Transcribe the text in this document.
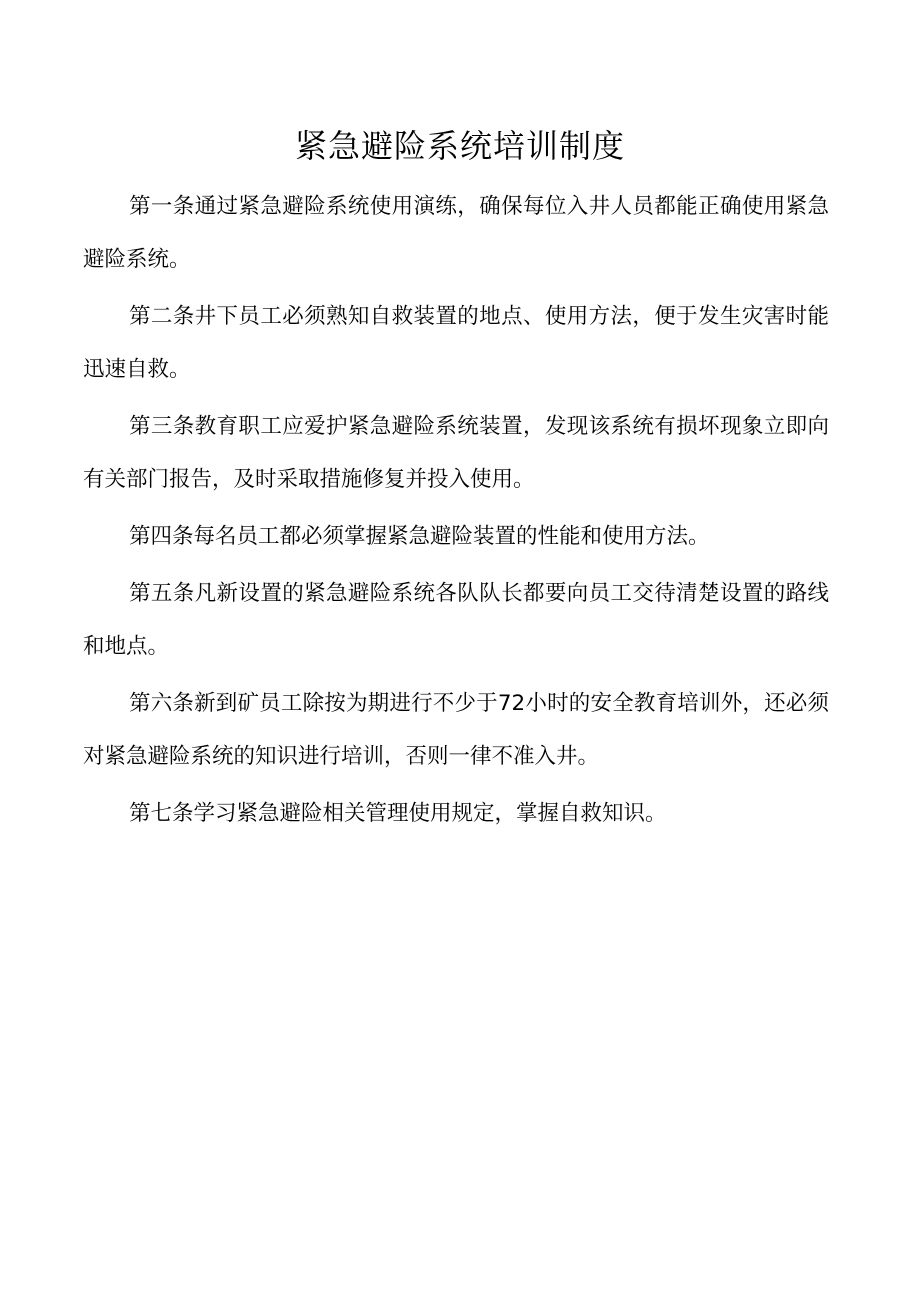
紧急避险系统培训制度

第一条通过紧急避险系统使用演练，确保每位入井人员都能正确使用紧急避险系统。

第二条井下员工必须熟知自救装置的地点、使用方法，便于发生灾害时能迅速自救。

第三条教育职工应爱护紧急避险系统装置，发现该系统有损坏现象立即向有关部门报告，及时采取措施修复并投入使用。

第四条每名员工都必须掌握紧急避险装置的性能和使用方法。

第五条凡新设置的紧急避险系统各队队长都要向员工交待清楚设置的路线和地点。

第六条新到矿员工除按为期进行不少于72小时的安全教育培训外，还必须对紧急避险系统的知识进行培训，否则一律不准入井。

第七条学习紧急避险相关管理使用规定，掌握自救知识。
